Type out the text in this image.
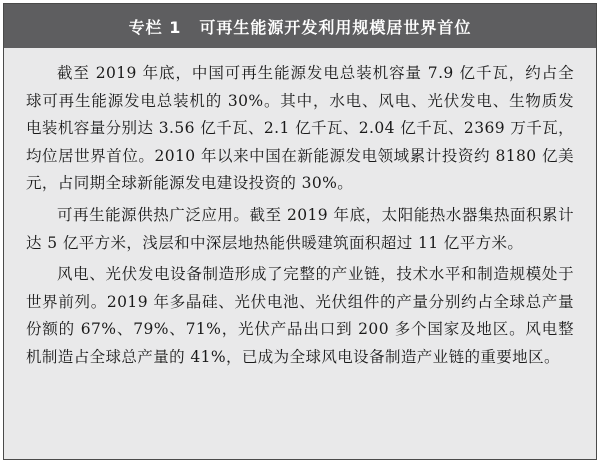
专栏 1 可再生能源开发利用规模居世界首位

截至 2019 年底，中国可再生能源发电总装机容量 7.9 亿千瓦，约占全球可再生能源发电总装机的 30%。其中，水电、风电、光伏发电、生物质发电装机容量分别达 3.56 亿千瓦、2.1 亿千瓦、2.04 亿千瓦、2369 万千瓦，均位居世界首位。2010 年以来中国在新能源发电领域累计投资约 8180 亿美元，占同期全球新能源发电建设投资的 30%。

可再生能源供热广泛应用。截至 2019 年底，太阳能热水器集热面积累计达 5 亿平方米，浅层和中深层地热能供暖建筑面积超过 11 亿平方米。

风电、光伏发电设备制造形成了完整的产业链，技术水平和制造规模处于世界前列。2019 年多晶硅、光伏电池、光伏组件的产量分别约占全球总产量份额的 67%、79%、71%，光伏产品出口到 200 多个国家及地区。风电整机制造占全球总产量的 41%，已成为全球风电设备制造产业链的重要地区。
